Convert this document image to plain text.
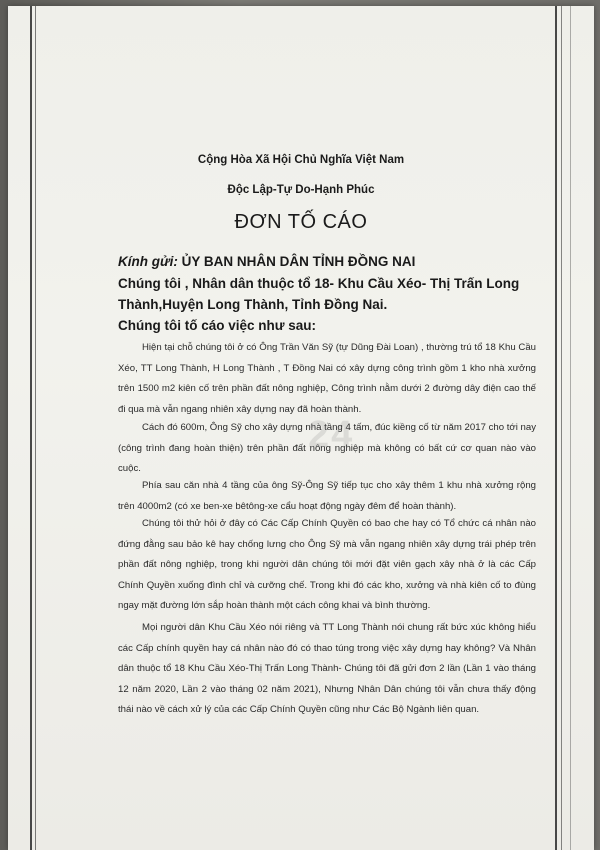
Cộng Hòa Xã Hội Chủ Nghĩa Việt Nam
Độc Lập-Tự Do-Hạnh Phúc
ĐƠN TỐ CÁO
Kính gửi: ỦY BAN NHÂN DÂN TỈNH ĐỒNG NAI
Chúng tôi , Nhân dân thuộc tổ 18- Khu Cầu Xéo- Thị Trấn Long
Thành,Huyện Long Thành, Tỉnh Đồng Nai.
Chúng tôi tố cáo việc như sau:

Hiện tại chỗ chúng tôi ở có Ông Trần Văn Sỹ (tự Dũng Đài Loan) , thường trú tổ 18 Khu Cầu Xéo, TT Long Thành, H Long Thành , T Đồng Nai có xây dựng công trình gồm 1 kho nhà xưởng trên 1500 m2 kiên cố trên phần đất nông nghiệp, Công trình nằm dưới 2 đường dây điện cao thế đi qua mà vẫn ngang nhiên xây dựng nay đã hoàn thành.

Cách đó 600m, Ông Sỹ cho xây dựng nhà tầng 4 tấm, đúc kiềng cố từ năm 2017 cho tới nay (công trình đang hoàn thiện) trên phần đất nông nghiệp mà không có bất cứ cơ quan nào vào cuộc.

Phía sau căn nhà 4 tầng của ông Sỹ-Ông Sỹ tiếp tục cho xây thêm 1 khu nhà xưởng rộng trên 4000m2 (có xe ben-xe bêtông-xe cẩu hoạt động ngày đêm để hoàn thành).

Chúng tôi thử hỏi ở đây có Các Cấp Chính Quyền có bao che hay có Tổ chức cá nhân nào đứng đằng sau bảo kê hay chống lưng cho Ông Sỹ mà vẫn ngang nhiên xây dựng trái phép trên phần đất nông nghiệp, trong khi người dân chúng tôi mới đặt viên gạch xây nhà ở là các Cấp Chính Quyền xuống đình chỉ và cưỡng chế. Trong khi đó các kho, xưởng và nhà kiên cố to đùng ngay mặt đường lớn sắp hoàn thành một cách công khai và bình thường.

Mọi người dân Khu Cầu Xéo nói riêng và TT Long Thành nói chung rất bức xúc không hiểu các Cấp chính quyền hay cá nhân nào đó có thao túng trong việc xây dựng hay không? Và Nhân dân thuộc tổ 18 Khu Cầu Xéo-Thị Trấn Long Thành- Chúng tôi đã gửi đơn 2 lần (Lần 1 vào tháng 12 năm 2020, Lần 2 vào tháng 02 năm 2021), Nhưng Nhân Dân chúng tôi vẫn chưa thấy động thái nào về cách xử lý của các Cấp Chính Quyền cũng như Các Bộ Ngành liên quan.

24
